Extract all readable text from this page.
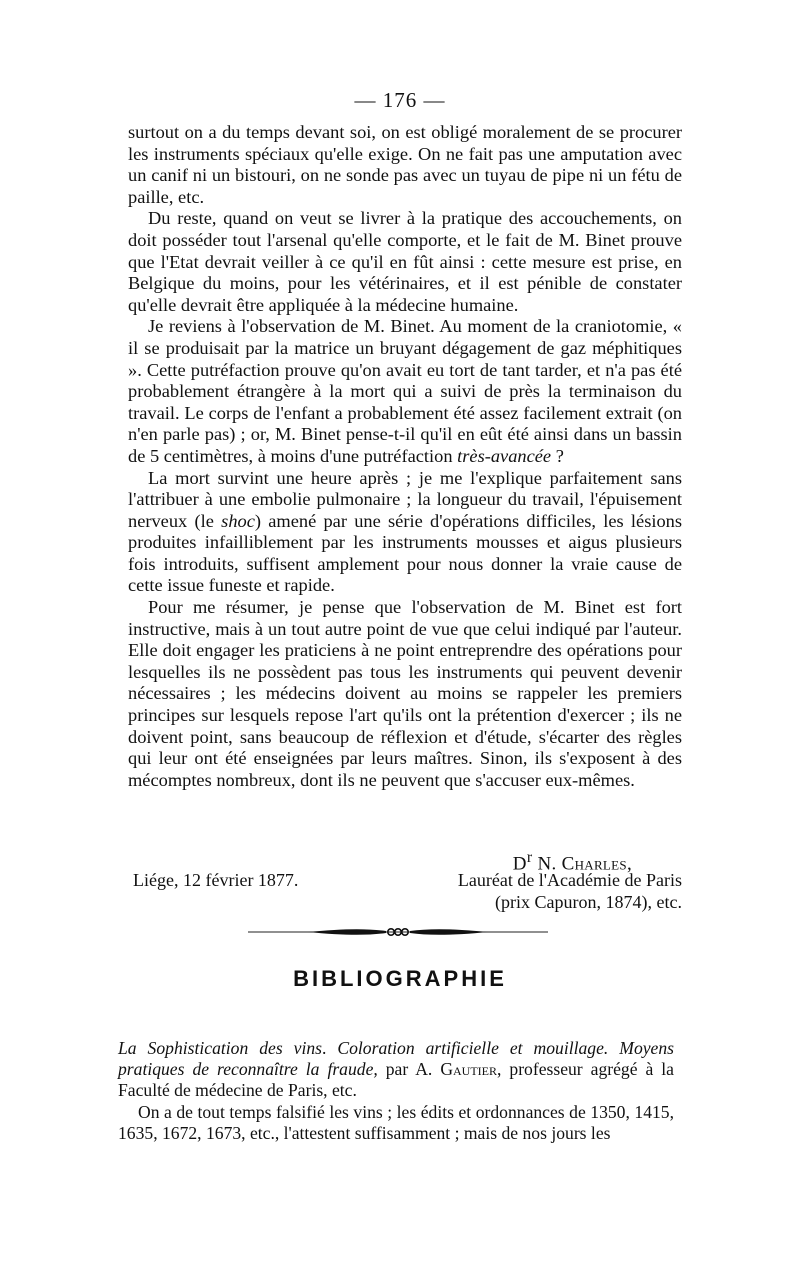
— 176 —

surtout on a du temps devant soi, on est obligé moralement de se procurer les instruments spéciaux qu'elle exige. On ne fait pas une amputation avec un canif ni un bistouri, on ne sonde pas avec un tuyau de pipe ni un fétu de paille, etc.

Du reste, quand on veut se livrer à la pratique des accouchements, on doit posséder tout l'arsenal qu'elle comporte, et le fait de M. Binet prouve que l'Etat devrait veiller à ce qu'il en fût ainsi : cette mesure est prise, en Belgique du moins, pour les vétérinaires, et il est pénible de constater qu'elle devrait être appliquée à la médecine humaine.

Je reviens à l'observation de M. Binet. Au moment de la craniotomie, « il se produisait par la matrice un bruyant dégagement de gaz méphitiques ». Cette putréfaction prouve qu'on avait eu tort de tant tarder, et n'a pas été probablement étrangère à la mort qui a suivi de près la terminaison du travail. Le corps de l'enfant a probablement été assez facilement extrait (on n'en parle pas) ; or, M. Binet pense-t-il qu'il en eût été ainsi dans un bassin de 5 centimètres, à moins d'une putréfaction très-avancée ?

La mort survint une heure après ; je me l'explique parfaitement sans l'attribuer à une embolie pulmonaire ; la longueur du travail, l'épuisement nerveux (le shoc) amené par une série d'opérations difficiles, les lésions produites infailliblement par les instruments mousses et aigus plusieurs fois introduits, suffisent amplement pour nous donner la vraie cause de cette issue funeste et rapide.

Pour me résumer, je pense que l'observation de M. Binet est fort instructive, mais à un tout autre point de vue que celui indiqué par l'auteur. Elle doit engager les praticiens à ne point entreprendre des opérations pour lesquelles ils ne possèdent pas tous les instruments qui peuvent devenir nécessaires ; les médecins doivent au moins se rappeler les premiers principes sur lesquels repose l'art qu'ils ont la prétention d'exercer ; ils ne doivent point, sans beaucoup de réflexion et d'étude, s'écarter des règles qui leur ont été enseignées par leurs maîtres. Sinon, ils s'exposent à des mécomptes nombreux, dont ils ne peuvent que s'accuser eux-mêmes.

$D^r$ N. Charles,
Liége, 12 février 1877.	Lauréat de l'Académie de Paris
(prix Capuron, 1874), etc.
BIBLIOGRAPHIE

La Sophistication des vins. Coloration artificielle et mouillage. Moyens pratiques de reconnaître la fraude, par A. Gautier, professeur agrégé à la Faculté de médecine de Paris, etc.

On a de tout temps falsifié les vins ; les édits et ordonnances de 1350, 1415, 1635, 1672, 1673, etc., l'attestent suffisamment ; mais de nos jours les
